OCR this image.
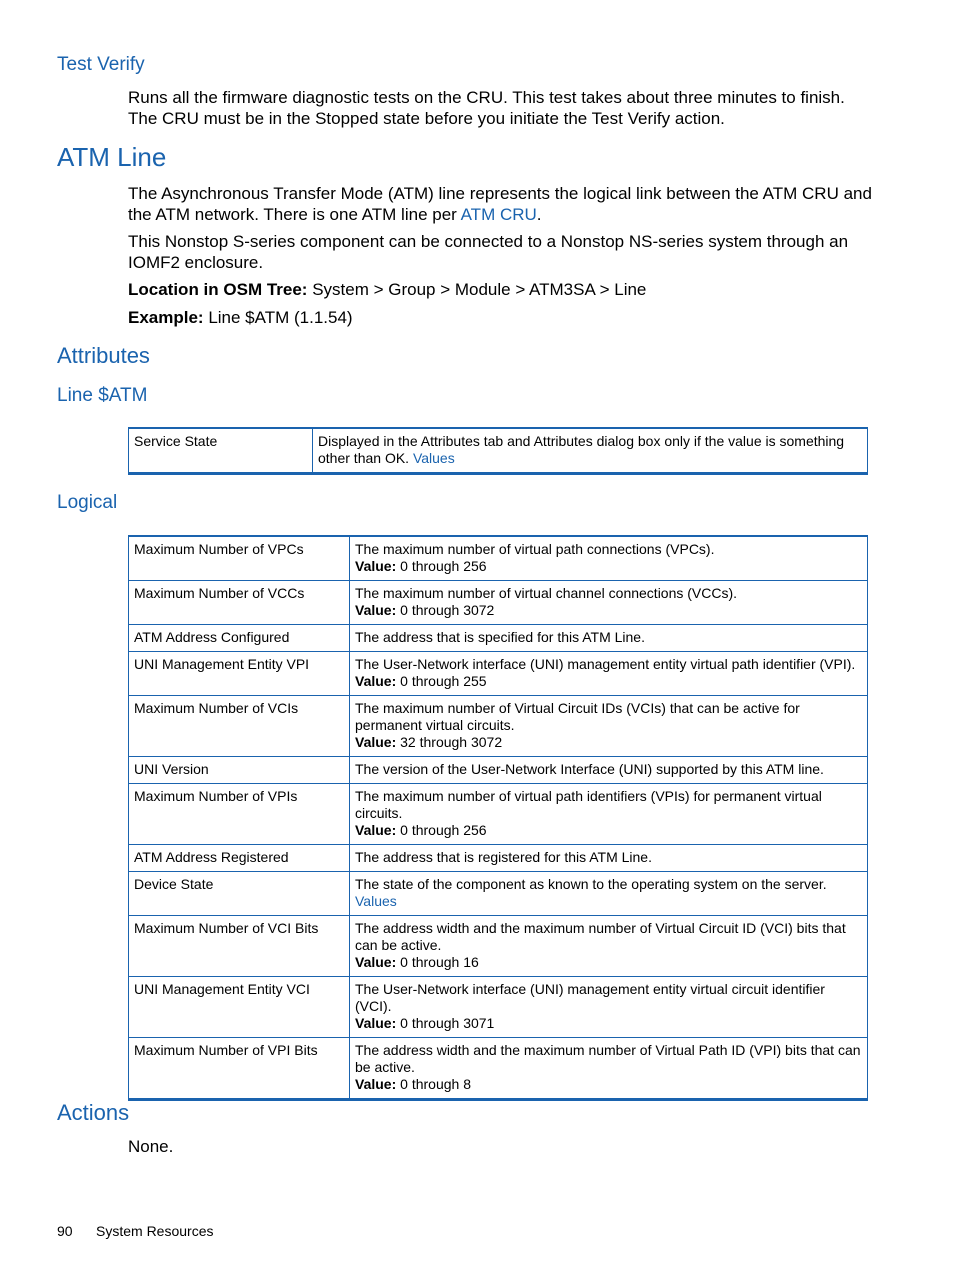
Test Verify
Runs all the firmware diagnostic tests on the CRU. This test takes about three minutes to finish. The CRU must be in the Stopped state before you initiate the Test Verify action.
ATM Line
The Asynchronous Transfer Mode (ATM) line represents the logical link between the ATM CRU and the ATM network. There is one ATM line per ATM CRU.
This Nonstop S-series component can be connected to a Nonstop NS-series system through an IOMF2 enclosure.
Location in OSM Tree: System > Group > Module > ATM3SA > Line
Example: Line $ATM (1.1.54)
Attributes
Line $ATM
Service State	Displayed in the Attributes tab and Attributes dialog box only if the value is something other than OK. Values
Logical
Maximum Number of VPCs	The maximum number of virtual path connections (VPCs).
Value: 0 through 256

Maximum Number of VCCs	The maximum number of virtual channel connections (VCCs).
Value: 0 through 3072

ATM Address Configured	The address that is specified for this ATM Line.

UNI Management Entity VPI	The User-Network interface (UNI) management entity virtual path identifier (VPI).
Value: 0 through 255

Maximum Number of VCIs	The maximum number of Virtual Circuit IDs (VCIs) that can be active for permanent virtual circuits.
Value: 32 through 3072

UNI Version	The version of the User-Network Interface (UNI) supported by this ATM line.

Maximum Number of VPIs	The maximum number of virtual path identifiers (VPIs) for permanent virtual circuits.
Value: 0 through 256

ATM Address Registered	The address that is registered for this ATM Line.

Device State	The state of the component as known to the operating system on the server. Values
Maximum Number of VCI Bits	The address width and the maximum number of Virtual Circuit ID (VCI) bits that can be active.
Value: 0 through 16

UNI Management Entity VCI	The User-Network interface (UNI) management entity virtual circuit identifier (VCI).
Value: 0 through 3071

Maximum Number of VPI Bits	The address width and the maximum number of Virtual Path ID (VPI) bits that can be active.
Value: 0 through 8
Actions
None.
90 System Resources
